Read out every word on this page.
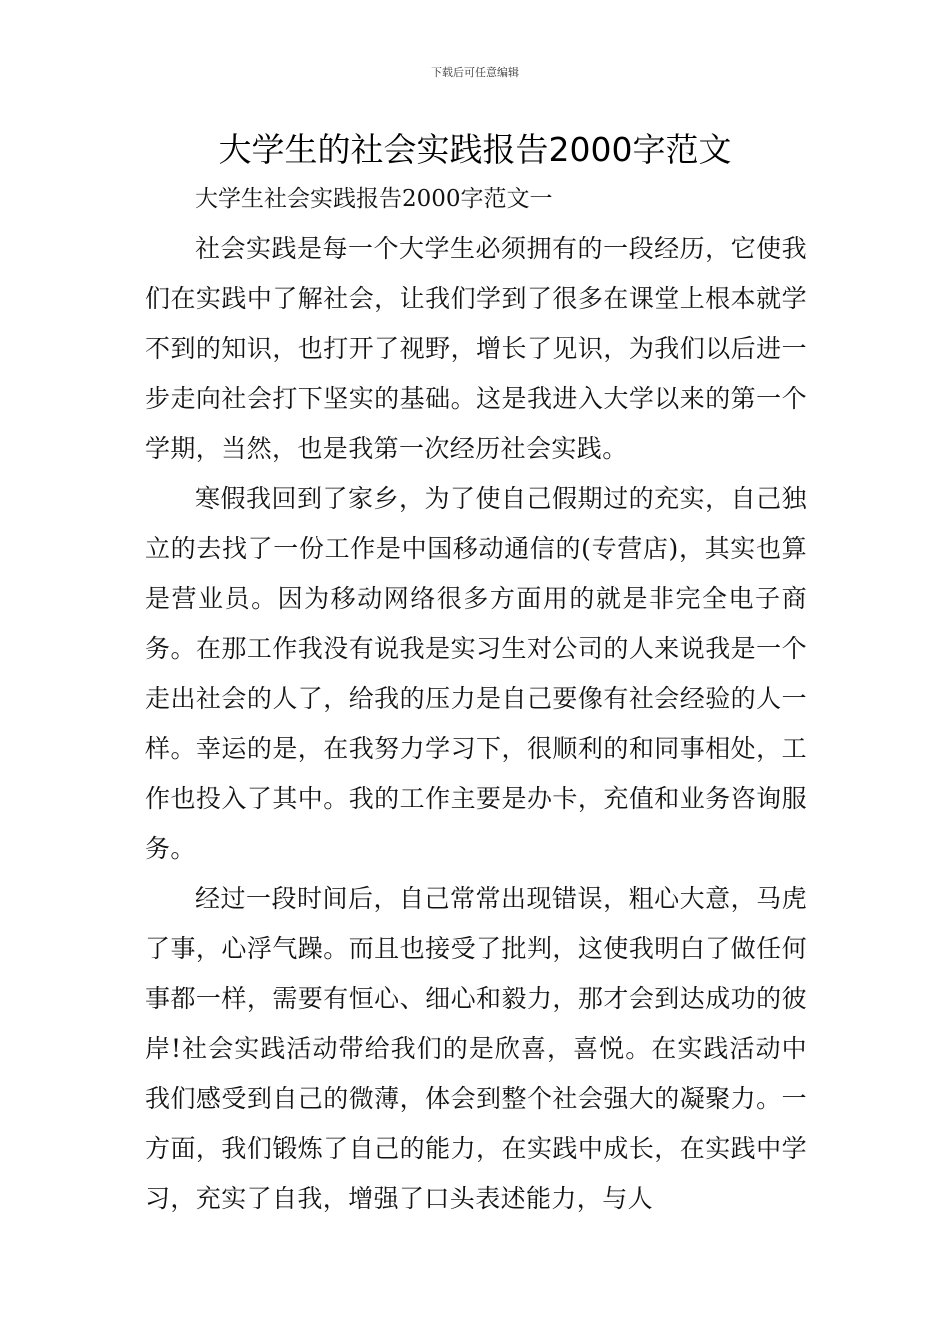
下载后可任意编辑
大学生的社会实践报告2000字范文

大学生社会实践报告2000字范文一

社会实践是每一个大学生必须拥有的一段经历，它使我们在实践中了解社会，让我们学到了很多在课堂上根本就学不到的知识，也打开了视野，增长了见识，为我们以后进一步走向社会打下坚实的基础。这是我进入大学以来的第一个学期，当然，也是我第一次经历社会实践。

寒假我回到了家乡，为了使自己假期过的充实，自己独立的去找了一份工作是中国移动通信的(专营店)，其实也算是营业员。因为移动网络很多方面用的就是非完全电子商务。在那工作我没有说我是实习生对公司的人来说我是一个走出社会的人了，给我的压力是自己要像有社会经验的人一样。幸运的是，在我努力学习下，很顺利的和同事相处，工作也投入了其中。我的工作主要是办卡，充值和业务咨询服务。

经过一段时间后，自己常常出现错误，粗心大意，马虎了事，心浮气躁。而且也接受了批判，这使我明白了做任何事都一样，需要有恒心、细心和毅力，那才会到达成功的彼岸!社会实践活动带给我们的是欣喜，喜悦。在实践活动中我们感受到自己的微薄，体会到整个社会强大的凝聚力。一方面，我们锻炼了自己的能力，在实践中成长，在实践中学习，充实了自我，增强了口头表述能力，与人
